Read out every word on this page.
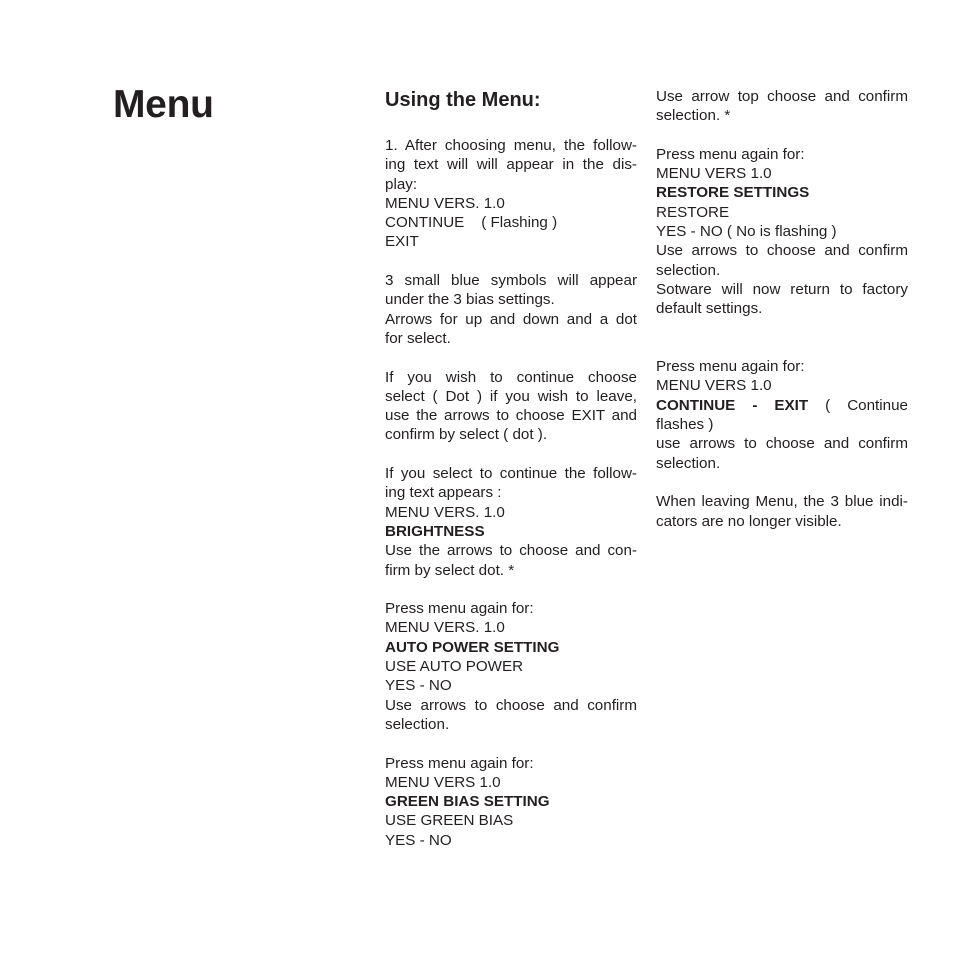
Menu	Using the Menu:
1. After choosing menu, the follow-
ing text will will appear in the dis-
play:
MENU VERS. 1.0
CONTINUE    ( Flashing )
EXIT
3 small blue symbols will appear
under the 3 bias settings.
Arrows for up and down and a dot
for select.
If you wish to continue choose
select ( Dot ) if you wish to leave,
use the arrows to choose EXIT and
confirm by select ( dot ).
If you select to continue the follow-
ing text appears :
MENU VERS. 1.0
BRIGHTNESS
Use the arrows to choose and con-
firm by select dot. *
Press menu again for:
MENU VERS. 1.0
AUTO POWER SETTING
USE AUTO POWER
YES - NO
Use arrows to choose and confirm
selection.
Press menu again for:
MENU VERS 1.0
GREEN BIAS SETTING
USE GREEN BIAS
YES - NO
Use arrow top choose and confirm
selection. *
Press menu again for:
MENU VERS 1.0
RESTORE SETTINGS
RESTORE
YES - NO ( No is flashing )
Use arrows to choose and confirm
selection.
Sotware will now return to factory
default settings.
Press menu again for:
MENU VERS 1.0
CONTINUE - EXIT ( Continue
flashes )
use arrows to choose and confirm
selection.
When leaving Menu, the 3 blue indi-
cators are no longer visible.
